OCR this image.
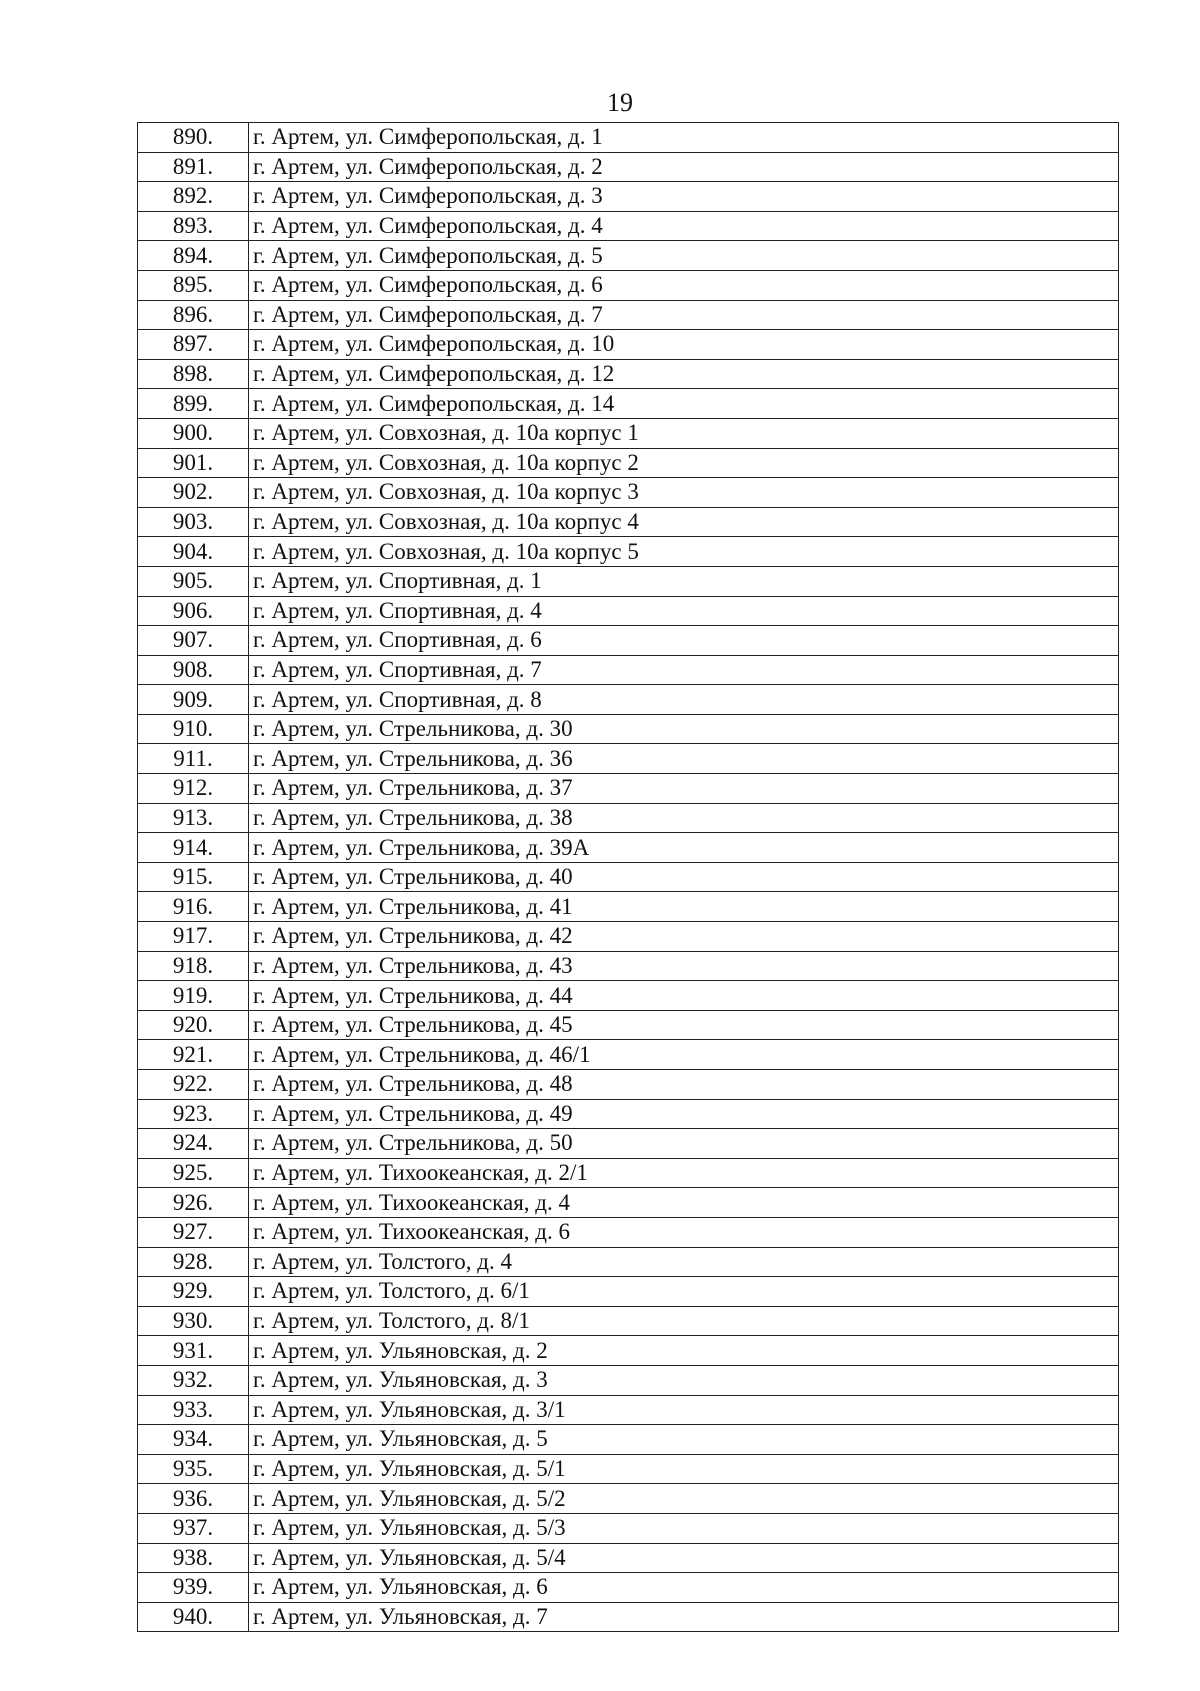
19
890.	г. Артем, ул. Симферопольская, д. 1
891.	г. Артем, ул. Симферопольская, д. 2
892.	г. Артем, ул. Симферопольская, д. 3
893.	г. Артем, ул. Симферопольская, д. 4
894.	г. Артем, ул. Симферопольская, д. 5
895.	г. Артем, ул. Симферопольская, д. 6
896.	г. Артем, ул. Симферопольская, д. 7
897.	г. Артем, ул. Симферопольская, д. 10
898.	г. Артем, ул. Симферопольская, д. 12
899.	г. Артем, ул. Симферопольская, д. 14
900.	г. Артем, ул. Совхозная, д. 10а корпус 1
901.	г. Артем, ул. Совхозная, д. 10а корпус 2
902.	г. Артем, ул. Совхозная, д. 10а корпус 3
903.	г. Артем, ул. Совхозная, д. 10а корпус 4
904.	г. Артем, ул. Совхозная, д. 10а корпус 5
905.	г. Артем, ул. Спортивная, д. 1
906.	г. Артем, ул. Спортивная, д. 4
907.	г. Артем, ул. Спортивная, д. 6
908.	г. Артем, ул. Спортивная, д. 7
909.	г. Артем, ул. Спортивная, д. 8
910.	г. Артем, ул. Стрельникова, д. 30
911.	г. Артем, ул. Стрельникова, д. 36
912.	г. Артем, ул. Стрельникова, д. 37
913.	г. Артем, ул. Стрельникова, д. 38
914.	г. Артем, ул. Стрельникова, д. 39А
915.	г. Артем, ул. Стрельникова, д. 40
916.	г. Артем, ул. Стрельникова, д. 41
917.	г. Артем, ул. Стрельникова, д. 42
918.	г. Артем, ул. Стрельникова, д. 43
919.	г. Артем, ул. Стрельникова, д. 44
920.	г. Артем, ул. Стрельникова, д. 45
921.	г. Артем, ул. Стрельникова, д. 46/1
922.	г. Артем, ул. Стрельникова, д. 48
923.	г. Артем, ул. Стрельникова, д. 49
924.	г. Артем, ул. Стрельникова, д. 50
925.	г. Артем, ул. Тихоокеанская, д. 2/1
926.	г. Артем, ул. Тихоокеанская, д. 4
927.	г. Артем, ул. Тихоокеанская, д. 6
928.	г. Артем, ул. Толстого, д. 4
929.	г. Артем, ул. Толстого, д. 6/1
930.	г. Артем, ул. Толстого, д. 8/1
931.	г. Артем, ул. Ульяновская, д. 2
932.	г. Артем, ул. Ульяновская, д. 3
933.	г. Артем, ул. Ульяновская, д. 3/1
934.	г. Артем, ул. Ульяновская, д. 5
935.	г. Артем, ул. Ульяновская, д. 5/1
936.	г. Артем, ул. Ульяновская, д. 5/2
937.	г. Артем, ул. Ульяновская, д. 5/3
938.	г. Артем, ул. Ульяновская, д. 5/4
939.	г. Артем, ул. Ульяновская, д. 6
940.	г. Артем, ул. Ульяновская, д. 7
